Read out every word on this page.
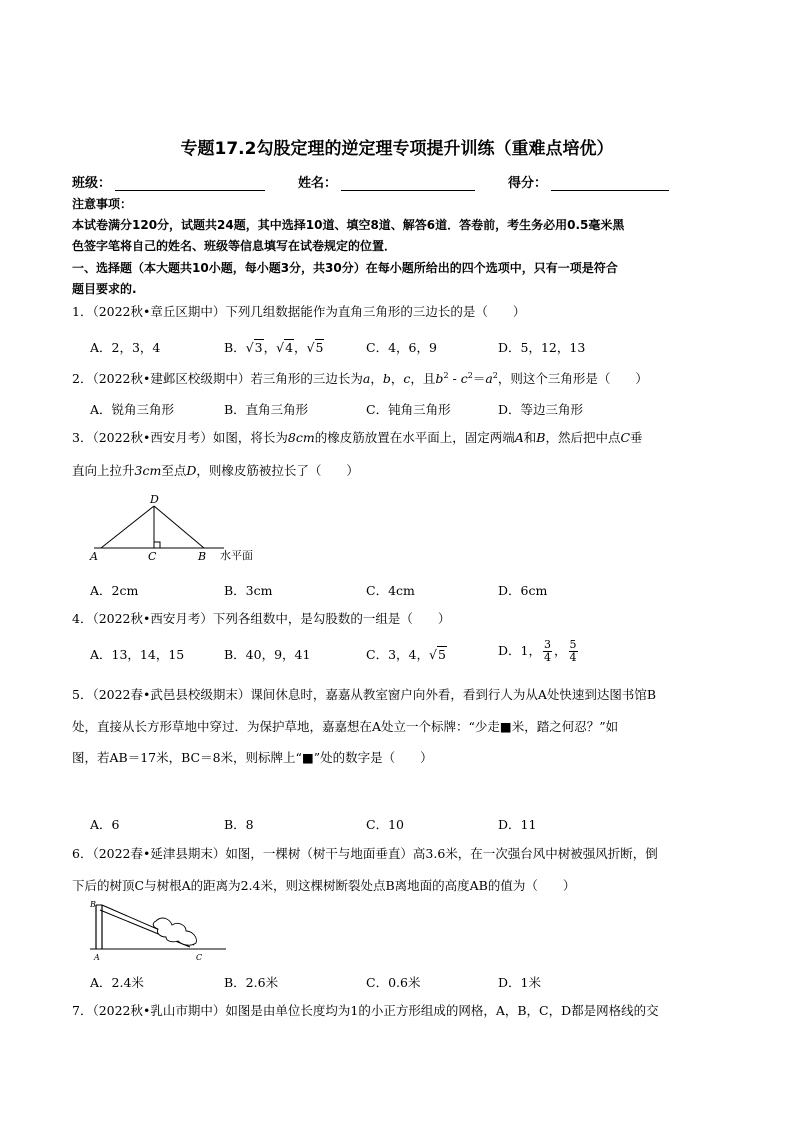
专题17.2勾股定理的逆定理专项提升训练（重难点培优）
班级：	姓名：	得分：
注意事项：
本试卷满分120分，试题共24题，其中选择10道、填空8道、解答6道．答卷前，考生务必用0.5毫米黑
色签字笔将自己的姓名、班级等信息填写在试卷规定的位置．
一、选择题（本大题共10小题，每小题3分，共30分）在每小题所给出的四个选项中，只有一项是符合
题目要求的.
1．（2022秋•章丘区期中）下列几组数据能作为直角三角形的三边长的是（　　）
A．2，3，4	B．√3，√4，√5	C．4，6，9	D．5，12，13
2．（2022秋•建邺区校级期中）若三角形的三边长为a，b，c，且$b^2 - c^2=a^2$，则这个三角形是（　　）
A．锐角三角形	B．直角三角形	C．钝角三角形	D．等边三角形
3．（2022秋•西安月考）如图，将长为8cm的橡皮筋放置在水平面上，固定两端A和B，然后把中点C垂
直向上拉升3cm至点D，则橡皮筋被拉长了（　　）
D
A	C	B 水平面
A．2cm	B．3cm	C．4cm	D．6cm
4．（2022秋•西安月考）下列各组数中，是勾股数的一组是（　　）
A．13，14，15	B．40，9，41	C．3，4，√5	D．1， $\frac{3}{4}$ ， $\frac{5}{4}$
5．（2022春•武邑县校级期末）课间休息时，嘉嘉从教室窗户向外看，看到行人为从A处快速到达图书馆B
处，直接从长方形草地中穿过．为保护草地，嘉嘉想在A处立一个标牌：“少走■米，踏之何忍？”如
图，若AB＝17米，BC＝8米，则标牌上“■”处的数字是（　　）
A．6	B．8	C．10	D．11
6．（2022春•延津县期末）如图，一棵树（树干与地面垂直）高3.6米，在一次强台风中树被强风折断，倒
下后的树顶C与树根A的距离为2.4米，则这棵树断裂处点B离地面的高度AB的值为（　　）
B
A	C
A．2.4米	B．2.6米	C．0.6米	D．1米
7．（2022秋•乳山市期中）如图是由单位长度均为1的小正方形组成的网格，A，B，C，D都是网格线的交
